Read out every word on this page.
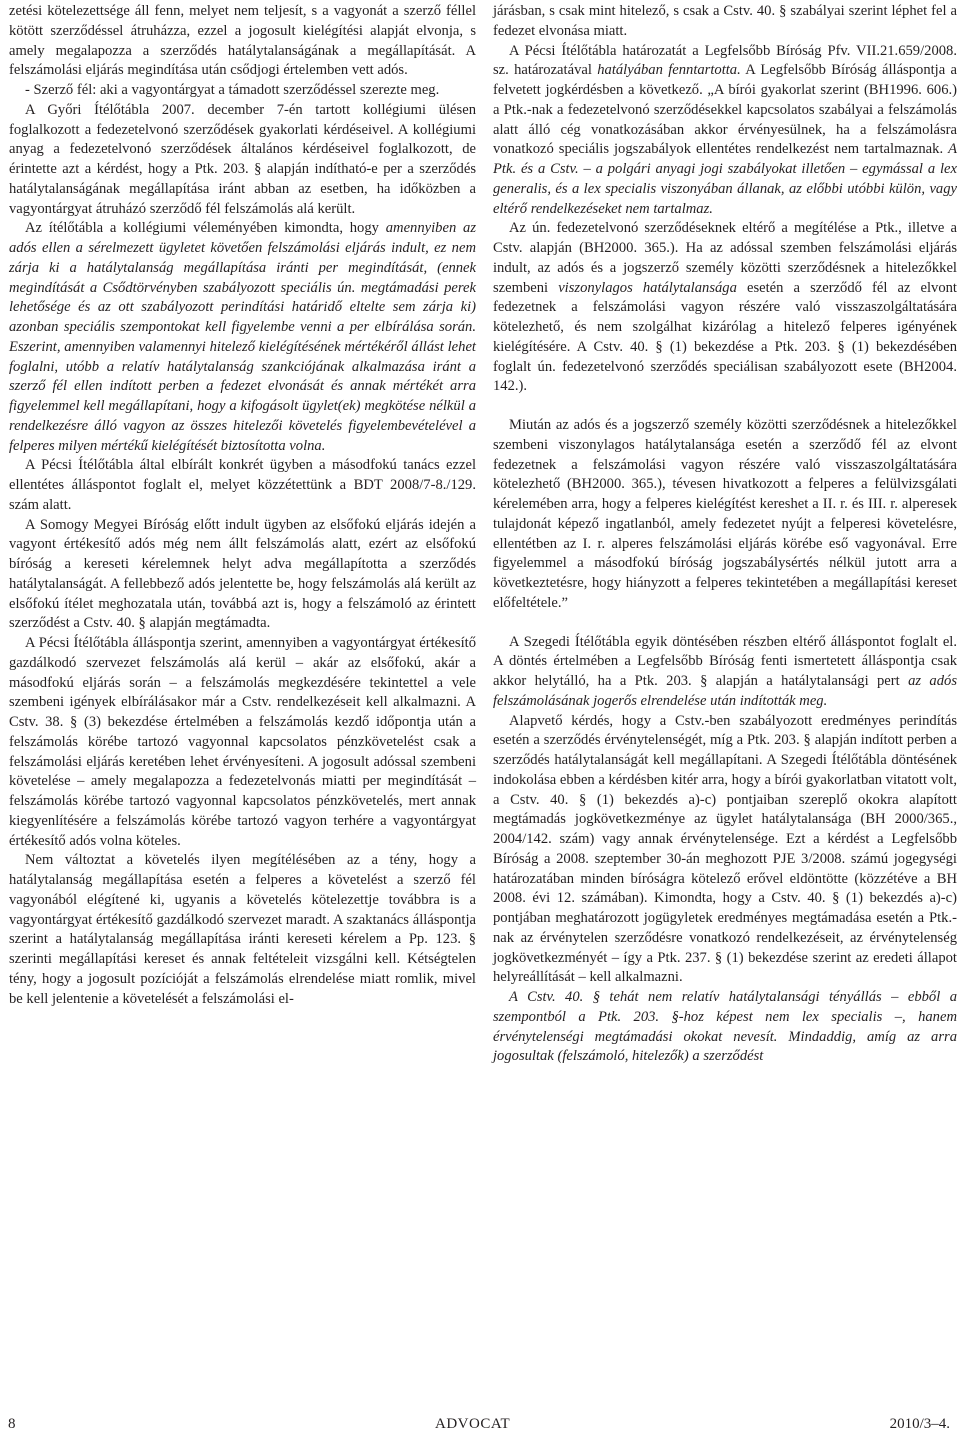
zetési kötelezettsége áll fenn, melyet nem teljesít, s a vagyonát a szerző féllel kötött szerződéssel átruházza, ezzel a jogosult kielégítési alapját elvonja, s amely megalapozza a szerződés hatálytalanságának a megállapítását. A felszámolási eljárás megindítása után csődjogi értelemben vett adós.

- Szerző fél: aki a vagyontárgyat a támadott szerződéssel szerezte meg.

A Győri Ítélőtábla 2007. december 7-én tartott kollégiumi ülésen foglalkozott a fedezetelvonó szerződések gyakorlati kérdéseivel. A kollégiumi anyag a fedezetelvonó szerződések általános kérdéseivel foglalkozott, de érintette azt a kérdést, hogy a Ptk. 203. § alapján indítható-e per a szerződés hatálytalanságának megállapítása iránt abban az esetben, ha időközben a vagyontárgyat átruházó szerződő fél felszámolás alá került.

Az ítélőtábla a kollégiumi véleményében kimondta, hogy amennyiben az adós ellen a sérelmezett ügyletet követően felszámolási eljárás indult, ez nem zárja ki a hatálytalanság megállapítása iránti per megindítását, (ennek megindítását a Csődtörvényben szabályozott speciális ún. megtámadási perek lehetősége és az ott szabályozott perindítási határidő eltelte sem zárja ki) azonban speciális szempontokat kell figyelembe venni a per elbírálása során. Eszerint, amennyiben valamennyi hitelező kielégítésének mértékéről állást lehet foglalni, utóbb a relatív hatálytalanság szankciójának alkalmazása iránt a szerző fél ellen indított perben a fedezet elvonását és annak mértékét arra figyelemmel kell megállapítani, hogy a kifogásolt ügylet(ek) megkötése nélkül a rendelkezésre álló vagyon az összes hitelezői követelés figyelembevételével a felperes milyen mértékű kielégítését biztosította volna.

A Pécsi Ítélőtábla által elbírált konkrét ügyben a másodfokú tanács ezzel ellentétes álláspontot foglalt el, melyet közzétettünk a BDT 2008/7-8./129. szám alatt.

A Somogy Megyei Bíróság előtt indult ügyben az elsőfokú eljárás idején a vagyont értékesítő adós még nem állt felszámolás alatt, ezért az elsőfokú bíróság a kereseti kérelemnek helyt adva megállapította a szerződés hatálytalanságát. A fellebbező adós jelentette be, hogy felszámolás alá került az elsőfokú ítélet meghozatala után, továbbá azt is, hogy a felszámoló az érintett szerződést a Cstv. 40. § alapján megtámadta.

A Pécsi Ítélőtábla álláspontja szerint, amennyiben a vagyontárgyat értékesítő gazdálkodó szervezet felszámolás alá kerül – akár az elsőfokú, akár a másodfokú eljárás során – a felszámolás megkezdésére tekintettel a vele szembeni igények elbírálásakor már a Cstv. rendelkezéseit kell alkalmazni. A Cstv. 38. § (3) bekezdése értelmében a felszámolás kezdő időpontja után a felszámolás körébe tartozó vagyonnal kapcsolatos pénzkövetelést csak a felszámolási eljárás keretében lehet érvényesíteni. A jogosult adóssal szembeni követelése – amely megalapozza a fedezetelvonás miatti per megindítását – felszámolás körébe tartozó vagyonnal kapcsolatos pénzkövetelés, mert annak kiegyenlítésére a felszámolás körébe tartozó vagyon terhére a vagyontárgyat értékesítő adós volna köteles.

Nem változtat a követelés ilyen megítélésében az a tény, hogy a hatálytalanság megállapítása esetén a felperes a követelést a szerző fél vagyonából elégítené ki, ugyanis a követelés kötelezettje továbbra is a vagyontárgyat értékesítő gazdálkodó szervezet maradt. A szaktanács álláspontja szerint a hatálytalanság megállapítása iránti kereseti kérelem a Pp. 123. § szerinti megállapítási kereset és annak feltételeit vizsgálni kell. Kétségtelen tény, hogy a jogosult pozícióját a felszámolás elrendelése miatt romlik, mivel be kell jelentenie a követelését a felszámolási el-

járásban, s csak mint hitelező, s csak a Cstv. 40. § szabályai szerint léphet fel a fedezet elvonása miatt.

A Pécsi Ítélőtábla határozatát a Legfelsőbb Bíróság Pfv. VII.21.659/2008. sz. határozatával hatályában fenntartotta. A Legfelsőbb Bíróság álláspontja a felvetett jogkérdésben a következő. „A bírói gyakorlat szerint (BH1996. 606.) a Ptk.-nak a fedezetelvonó szerződésekkel kapcsolatos szabályai a felszámolás alatt álló cég vonatkozásában akkor érvényesülnek, ha a felszámolásra vonatkozó speciális jogszabályok ellentétes rendelkezést nem tartalmaznak. A Ptk. és a Cstv. – a polgári anyagi jogi szabályokat illetően – egymással a lex generalis, és a lex specialis viszonyában állanak, az előbbi utóbbi külön, vagy eltérő rendelkezéseket nem tartalmaz.

Az ún. fedezetelvonó szerződéseknek eltérő a megítélése a Ptk., illetve a Cstv. alapján (BH2000. 365.). Ha az adóssal szemben felszámolási eljárás indult, az adós és a jogszerző személy közötti szerződésnek a hitelezőkkel szembeni viszonylagos hatálytalansága esetén a szerződő fél az elvont fedezetnek a felszámolási vagyon részére való visszaszolgáltatására kötelezhető, és nem szolgálhat kizárólag a hitelező felperes igényének kielégítésére. A Cstv. 40. § (1) bekezdése a Ptk. 203. § (1) bekezdésében foglalt ún. fedezetelvonó szerződés speciálisan szabályozott esete (BH2004. 142.).

Miután az adós és a jogszerző személy közötti szerződésnek a hitelezőkkel szembeni viszonylagos hatálytalansága esetén a szerződő fél az elvont fedezetnek a felszámolási vagyon részére való visszaszolgáltatására kötelezhető (BH2000. 365.), tévesen hivatkozott a felperes a felülvizsgálati kérelemében arra, hogy a felperes kielégítést kereshet a II. r. és III. r. alperesek tulajdonát képező ingatlanból, amely fedezetet nyújt a felperesi követelésre, ellentétben az I. r. alperes felszámolási eljárás körébe eső vagyonával. Erre figyelemmel a másodfokú bíróság jogszabálysértés nélkül jutott arra a következtetésre, hogy hiányzott a felperes tekintetében a megállapítási kereset előfeltétele.”

A Szegedi Ítélőtábla egyik döntésében részben eltérő álláspontot foglalt el. A döntés értelmében a Legfelsőbb Bíróság fenti ismertetett álláspontja csak akkor helytálló, ha a Ptk. 203. § alapján a hatálytalansági pert az adós felszámolásának jogerős elrendelése után indították meg.

Alapvető kérdés, hogy a Cstv.-ben szabályozott eredményes perindítás esetén a szerződés érvénytelenségét, míg a Ptk. 203. § alapján indított perben a szerződés hatálytalanságát kell megállapítani. A Szegedi Ítélőtábla döntésének indokolása ebben a kérdésben kitér arra, hogy a bírói gyakorlatban vitatott volt, a Cstv. 40. § (1) bekezdés a)-c) pontjaiban szereplő okokra alapított megtámadás jogkövetkezménye az ügylet hatálytalansága (BH 2000/365., 2004/142. szám) vagy annak érvénytelensége. Ezt a kérdést a Legfelsőbb Bíróság a 2008. szeptember 30-án meghozott PJE 3/2008. számú jogegységi határozatában minden bíróságra kötelező erővel eldöntötte (közzétéve a BH 2008. évi 12. számában). Kimondta, hogy a Cstv. 40. § (1) bekezdés a)-c) pontjában meghatározott jogügyletek eredményes megtámadása esetén a Ptk.-nak az érvénytelen szerződésre vonatkozó rendelkezéseit, az érvénytelenség jogkövetkezményét – így a Ptk. 237. § (1) bekezdése szerint az eredeti állapot helyreállítását – kell alkalmazni.

A Cstv. 40. § tehát nem relatív hatálytalansági tényállás – ebből a szempontból a Ptk. 203. §-hoz képest nem lex specialis –, hanem érvénytelenségi megtámadási okokat nevesít. Mindaddig, amíg az arra jogosultak (felszámoló, hitelezők) a szerződést

8	ADVOCAT	2010/3–4.
